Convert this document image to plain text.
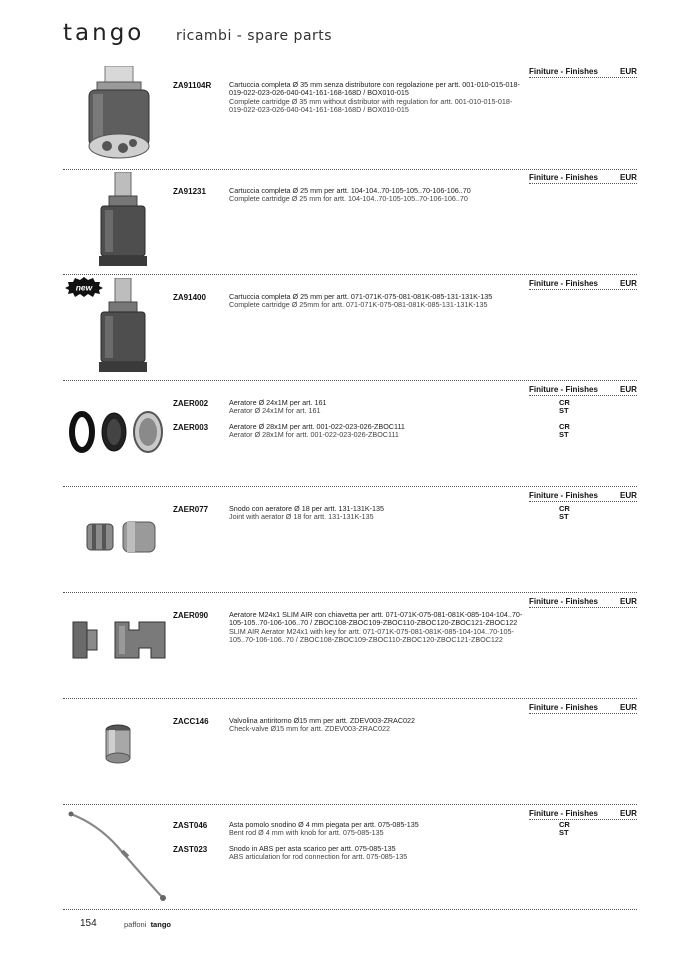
tango ricambi - spare parts
Finiture - Finishes	EUR
ZA91104R Cartuccia completa Ø 35 mm senza distributore con regolazione per artt. 001-010-015-018-019-022-023-026-040-041-161-168-168D / BOX010-015
Complete cartridge Ø 35 mm without distributor with regulation for artt. 001-010-015-018-019-022-023-026-040-041-161-168-168D / BOX010-015
Finiture - Finishes	EUR
ZA91231	Cartuccia completa Ø 25 mm per artt. 104-104..70-105-105..70-106-106..70
Complete cartridge Ø 25 mm for artt. 104-104..70-105-105..70-106-106..70
Finiture - Finishes	EUR
new
ZA91400	Cartuccia completa Ø 25 mm per artt. 071-071K-075-081-081K-085-131-131K-135
Complete cartridge Ø 25mm for artt. 071-071K-075-081-081K-085-131-131K-135
Finiture - Finishes	EUR
ZAER002	Aeratore Ø 24x1M per art. 161
Aerator Ø 24x1M for art. 161
CR
ST
ZAER003	Aeratore Ø 28x1M per artt. 001-022-023-026-ZBOC111
Aerator Ø 28x1M for artt. 001-022-023-026-ZBOC111
CR
ST
Finiture - Finishes	EUR
ZAER077	Snodo con aeratore Ø 18 per artt. 131-131K-135
Joint with aerator Ø 18 for artt. 131-131K-135
CR
ST
Finiture - Finishes	EUR
ZAER090	Aeratore M24x1 SLIM AIR con chiavetta per artt. 071-071K-075-081-081K-085-104-104..70-105-105..70-106-106..70 / ZBOC108-ZBOC109-ZBOC110-ZBOC120-ZBOC121-ZBOC122
SLIM AIR Aerator M24x1 with key for artt. 071-071K-075-081-081K-085-104-104..70-105-105..70-106-106..70 / ZBOC108-ZBOC109-ZBOC110-ZBOC120-ZBOC121-ZBOC122
Finiture - Finishes	EUR
ZACC146	Valvolina antiritorno Ø15 mm per artt. ZDEV003-ZRAC022
Check-valve Ø15 mm for artt. ZDEV003-ZRAC022
Finiture - Finishes	EUR
ZAST046	Asta pomolo snodino Ø 4 mm piegata per artt. 075-085-135
Bent rod Ø 4 mm with knob for artt. 075-085-135
CR
ST
ZAST023	Snodo in ABS per asta scarico per artt. 075-085-135
ABS articulation for rod connection for artt. 075-085-135
154	paffoni tango
